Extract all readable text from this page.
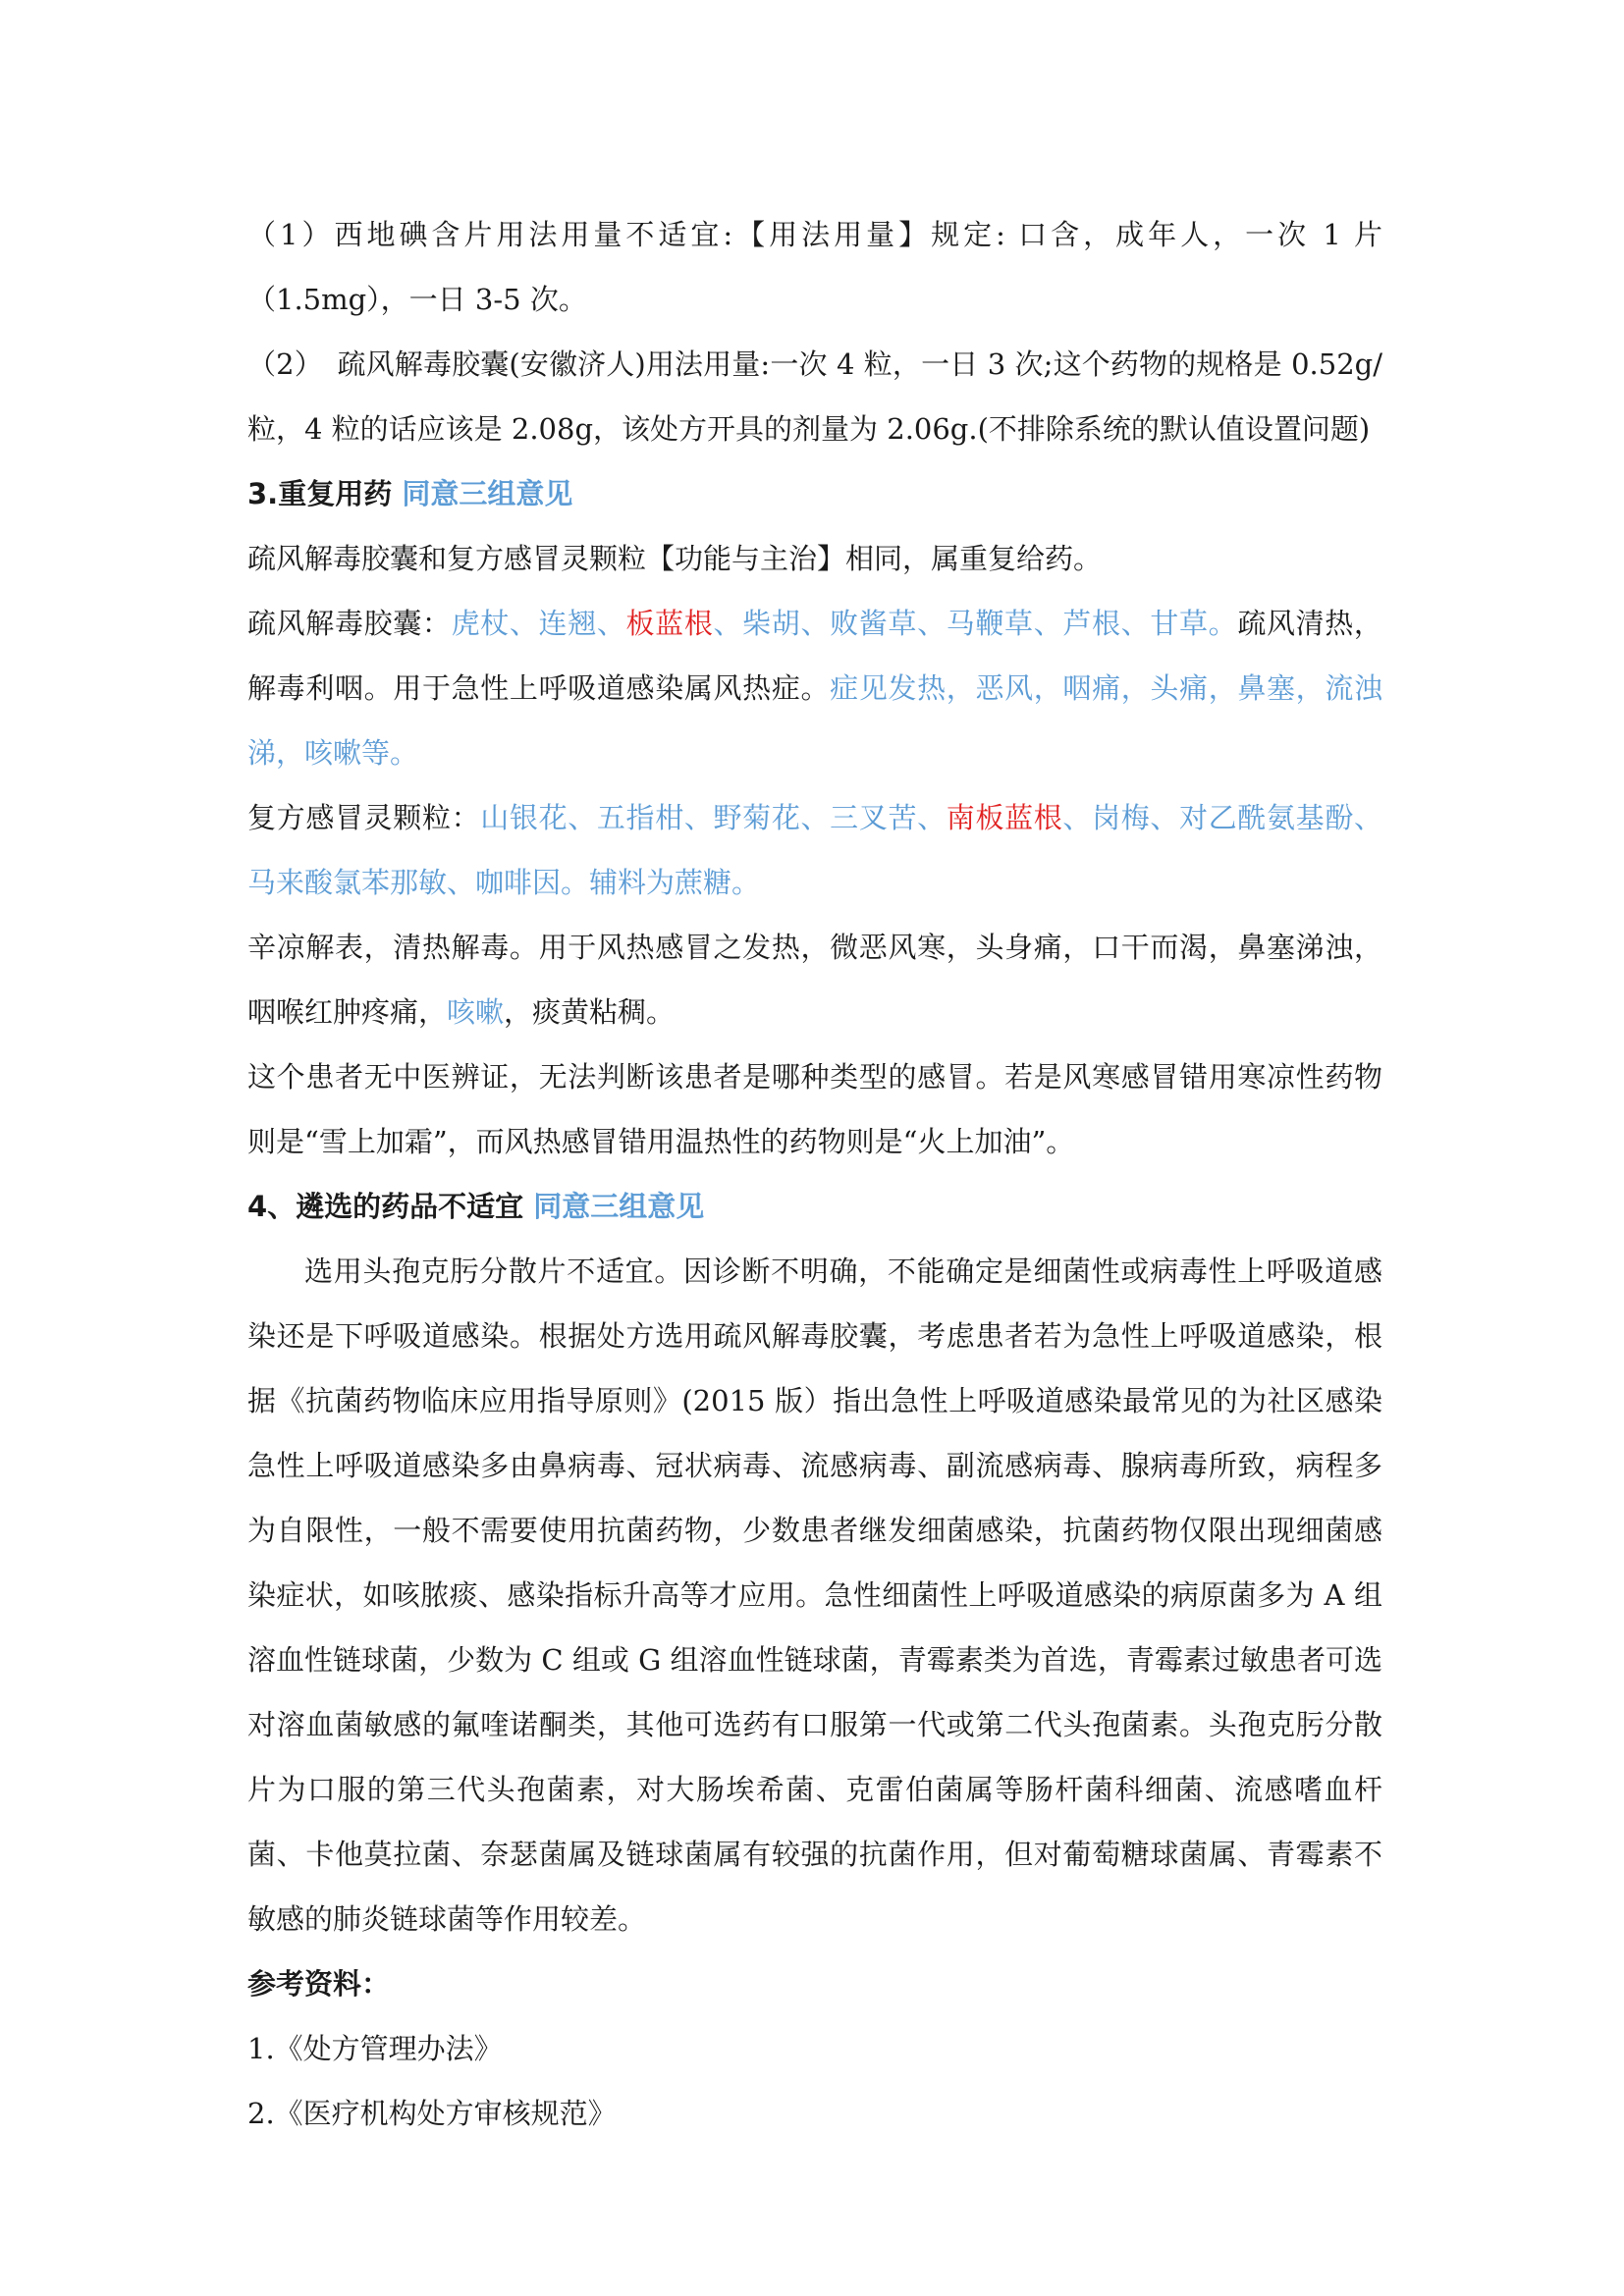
（1）西地碘含片用法用量不适宜:【用法用量】规定: 口含，成年人，一次 1 片（1.5mg），一日 3-5 次。

（2）　疏风解毒胶囊(安徽济人)用法用量:一次 4 粒，一日 3 次;这个药物的规格是 0.52g/粒，4 粒的话应该是 2.08g，该处方开具的剂量为 2.06g.(不排除系统的默认值设置问题)

3.重复用药 同意三组意见

疏风解毒胶囊和复方感冒灵颗粒【功能与主治】相同，属重复给药。

疏风解毒胶囊：虎杖、连翘、板蓝根、柴胡、败酱草、马鞭草、芦根、甘草。疏风清热，解毒利咽。用于急性上呼吸道感染属风热症。症见发热，恶风，咽痛，头痛，鼻塞，流浊涕，咳嗽等。

复方感冒灵颗粒：山银花、五指柑、野菊花、三叉苦、南板蓝根、岗梅、对乙酰氨基酚、马来酸氯苯那敏、咖啡因。辅料为蔗糖。

辛凉解表，清热解毒。用于风热感冒之发热，微恶风寒，头身痛，口干而渴，鼻塞涕浊，咽喉红肿疼痛，咳嗽，痰黄粘稠。

这个患者无中医辨证，无法判断该患者是哪种类型的感冒。若是风寒感冒错用寒凉性药物则是“雪上加霜”，而风热感冒错用温热性的药物则是“火上加油”。

4、遴选的药品不适宜 同意三组意见

选用头孢克肟分散片不适宜。因诊断不明确，不能确定是细菌性或病毒性上呼吸道感染还是下呼吸道感染。根据处方选用疏风解毒胶囊，考虑患者若为急性上呼吸道感染，根据《抗菌药物临床应用指导原则》(2015 版）指出急性上呼吸道感染最常见的为社区感染急性上呼吸道感染多由鼻病毒、冠状病毒、流感病毒、副流感病毒、腺病毒所致，病程多为自限性，一般不需要使用抗菌药物，少数患者继发细菌感染，抗菌药物仅限出现细菌感染症状，如咳脓痰、感染指标升高等才应用。急性细菌性上呼吸道感染的病原菌多为 A 组溶血性链球菌，少数为 C 组或 G 组溶血性链球菌，青霉素类为首选，青霉素过敏患者可选对溶血菌敏感的氟喹诺酮类，其他可选药有口服第一代或第二代头孢菌素。头孢克肟分散片为口服的第三代头孢菌素，对大肠埃希菌、克雷伯菌属等肠杆菌科细菌、流感嗜血杆菌、卡他莫拉菌、奈瑟菌属及链球菌属有较强的抗菌作用，但对葡萄糖球菌属、青霉素不敏感的肺炎链球菌等作用较差。

参考资料：

1.《处方管理办法》

2.《医疗机构处方审核规范》
